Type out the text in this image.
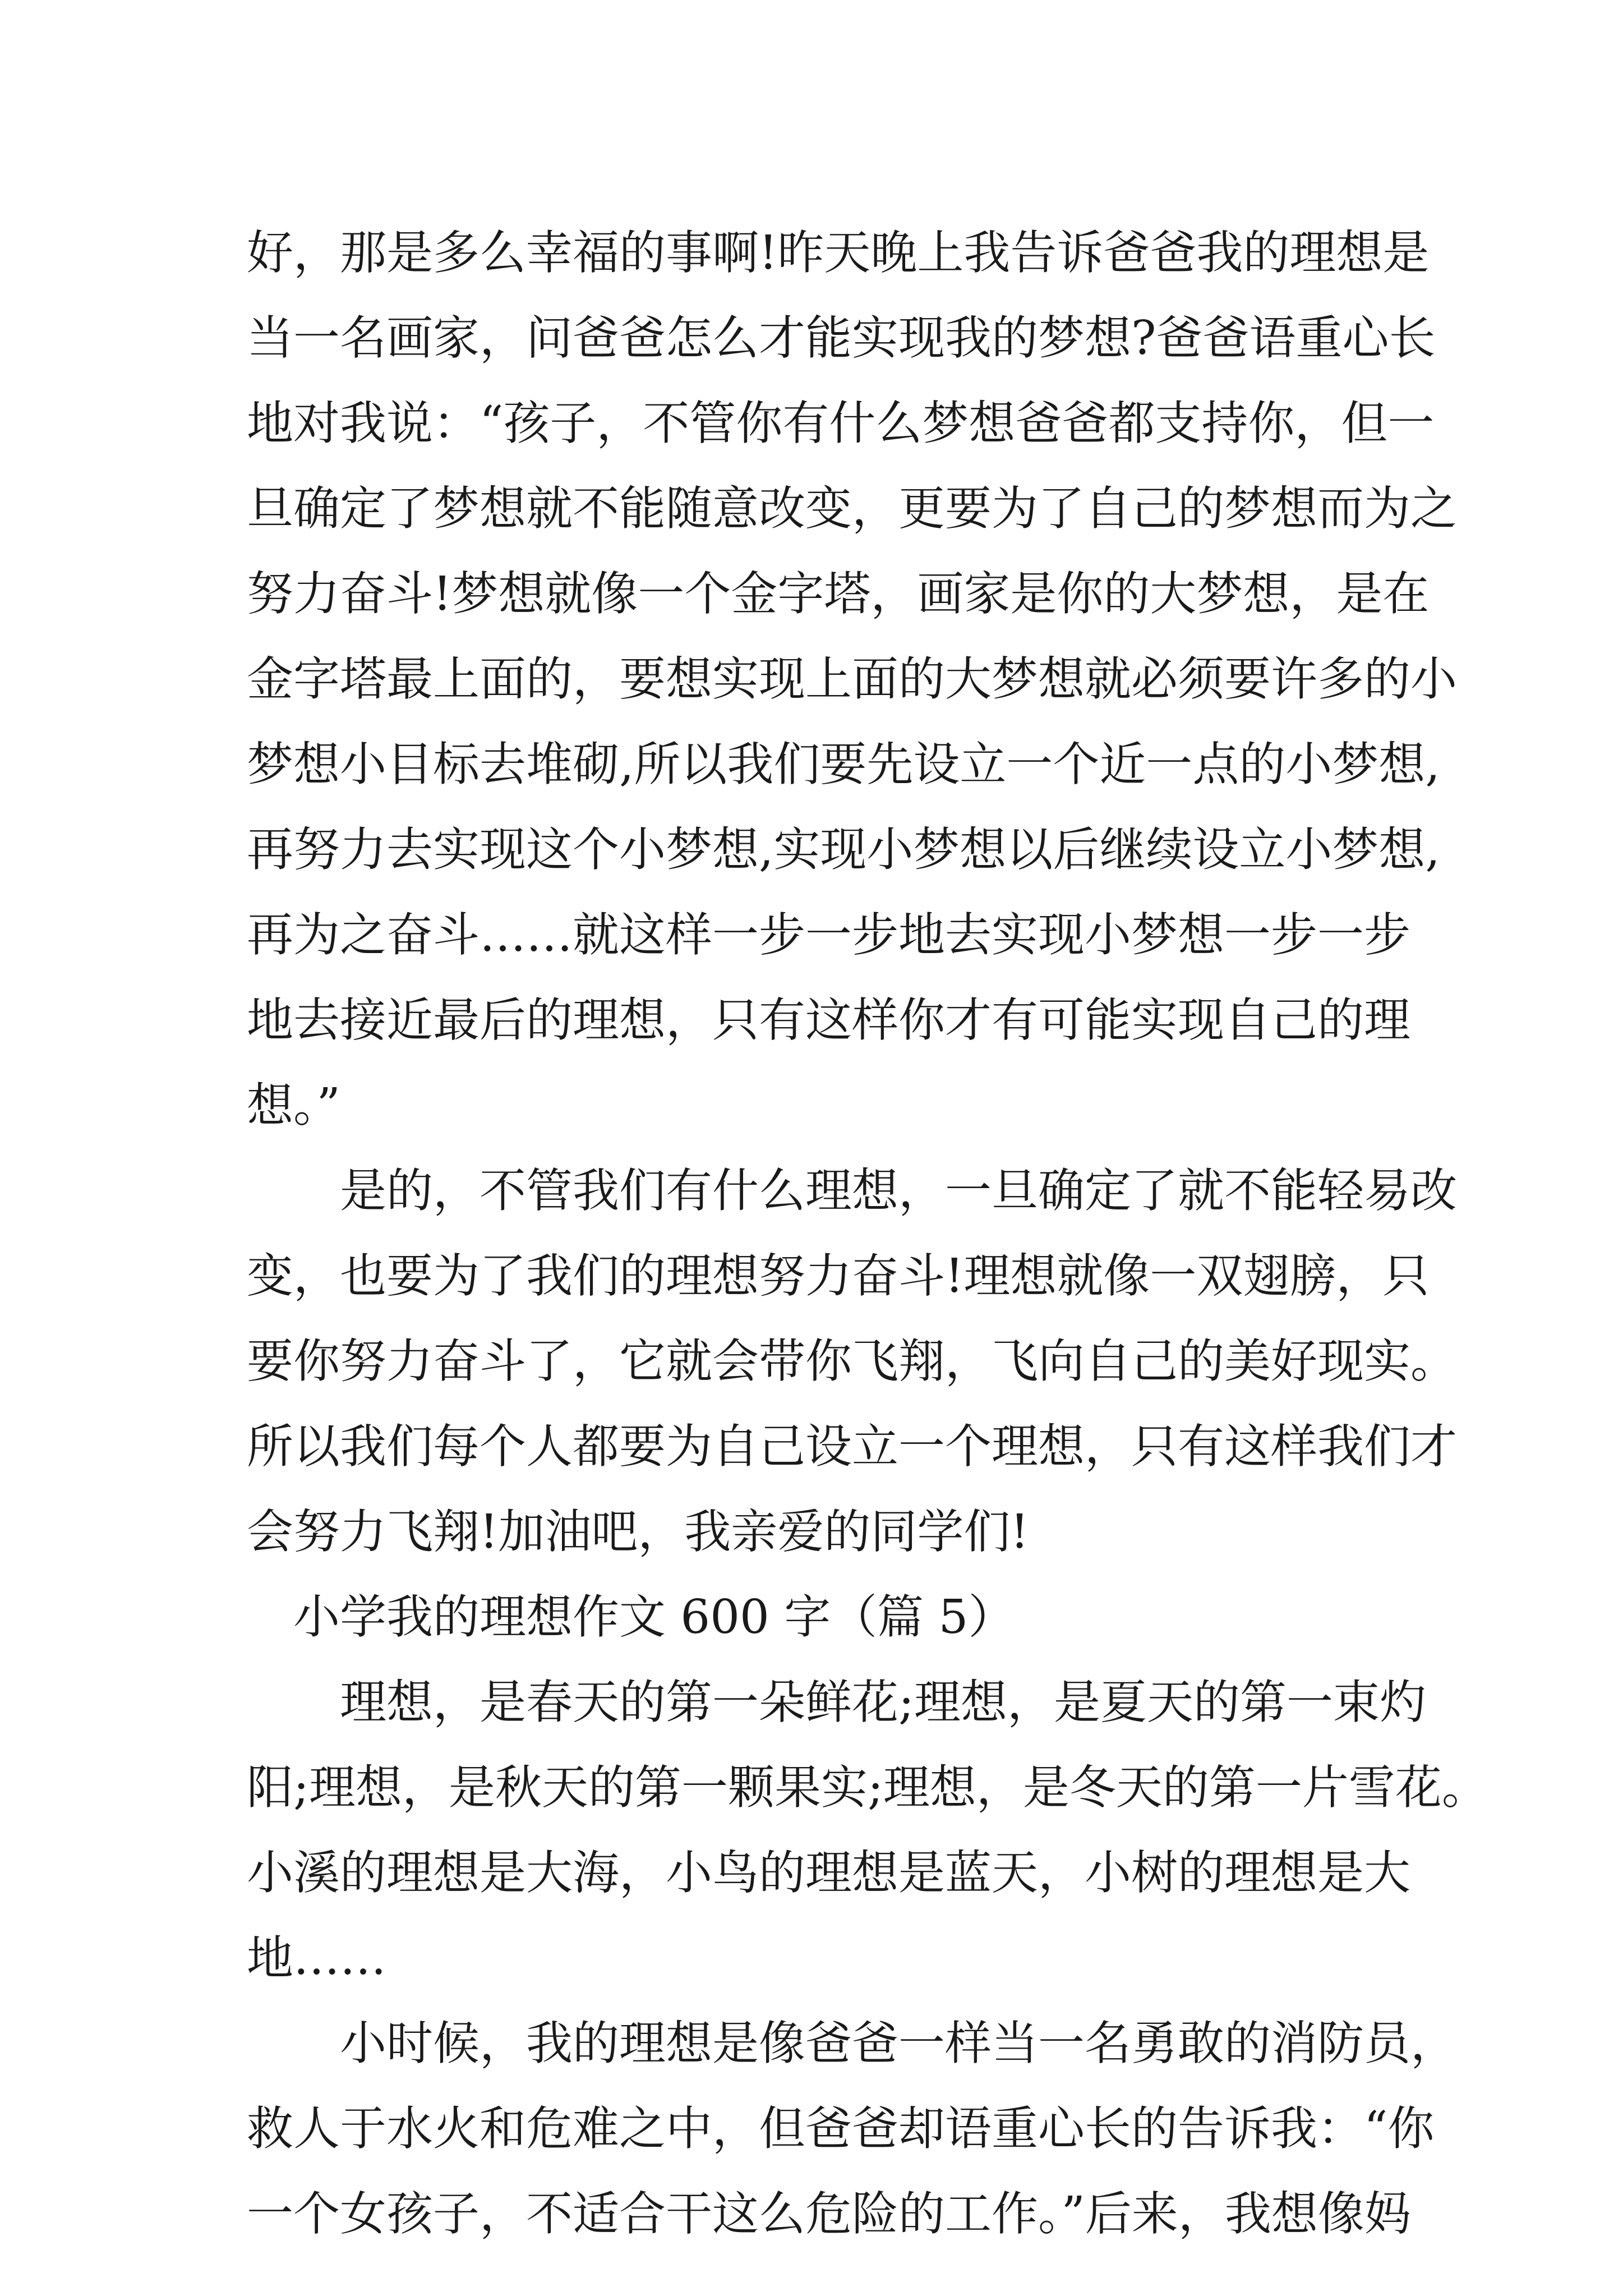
好，那是多么幸福的事啊!昨天晚上我告诉爸爸我的理想是
当一名画家，问爸爸怎么才能实现我的梦想?爸爸语重心长
地对我说：“孩子，不管你有什么梦想爸爸都支持你，但一
旦确定了梦想就不能随意改变，更要为了自己的梦想而为之
努力奋斗!梦想就像一个金字塔，画家是你的大梦想，是在
金字塔最上面的，要想实现上面的大梦想就必须要许多的小
梦想小目标去堆砌,所以我们要先设立一个近一点的小梦想,
再努力去实现这个小梦想,实现小梦想以后继续设立小梦想,
再为之奋斗……就这样一步一步地去实现小梦想一步一步
地去接近最后的理想，只有这样你才有可能实现自己的理
想。”
是的，不管我们有什么理想，一旦确定了就不能轻易改
变，也要为了我们的理想努力奋斗!理想就像一双翅膀，只
要你努力奋斗了，它就会带你飞翔，飞向自己的美好现实。
所以我们每个人都要为自己设立一个理想，只有这样我们才
会努力飞翔!加油吧，我亲爱的同学们!
小学我的理想作文 600 字（篇 5）
理想，是春天的第一朵鲜花;理想，是夏天的第一束灼
阳;理想，是秋天的第一颗果实;理想，是冬天的第一片雪花。
小溪的理想是大海，小鸟的理想是蓝天，小树的理想是大
地……
小时候，我的理想是像爸爸一样当一名勇敢的消防员，
救人于水火和危难之中，但爸爸却语重心长的告诉我：“你
一个女孩子，不适合干这么危险的工作。”后来，我想像妈
